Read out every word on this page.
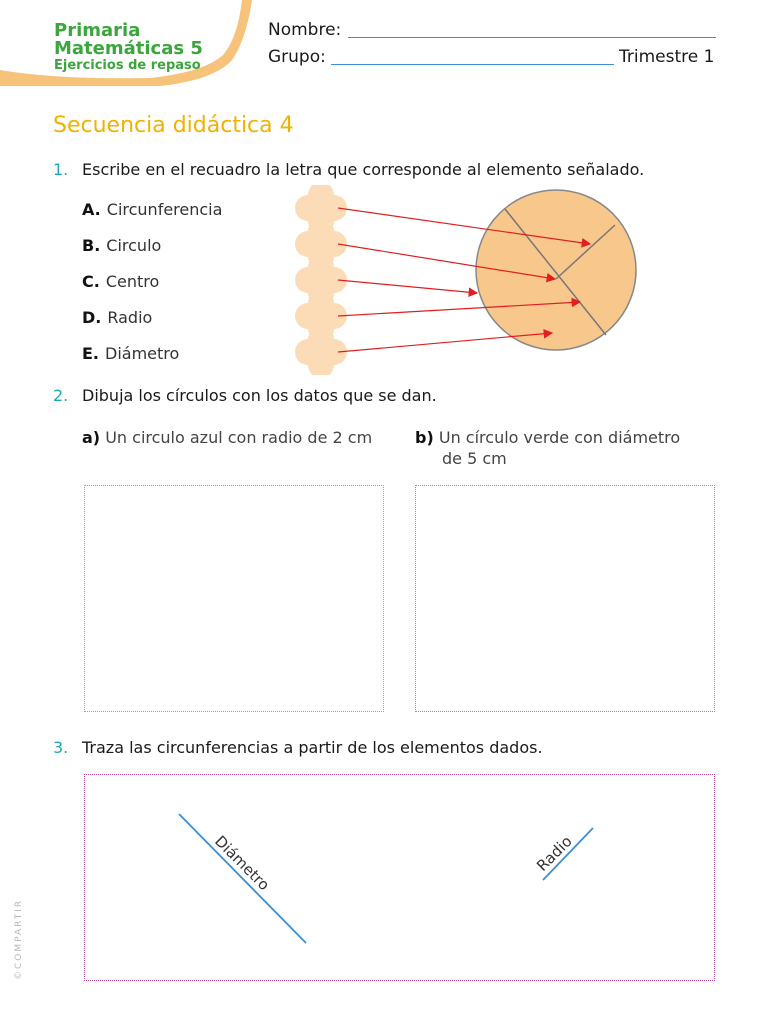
Primaria
Matemáticas 5
Ejercicios de repaso
Nombre:
Grupo:	Trimestre 1
Secuencia didáctica 4
1. Escribe en el recuadro la letra que corresponde al elemento señalado.
A. Circunferencia
B. Circulo
C. Centro
D. Radio
E. Diámetro
2. Dibuja los círculos con los datos que se dan.
a) Un circulo azul con radio de 2 cm	b) Un círculo verde con diámetro
de 5 cm
3. Traza las circunferencias a partir de los elementos dados.
Diámetro	Radio
©COMPARTIR
